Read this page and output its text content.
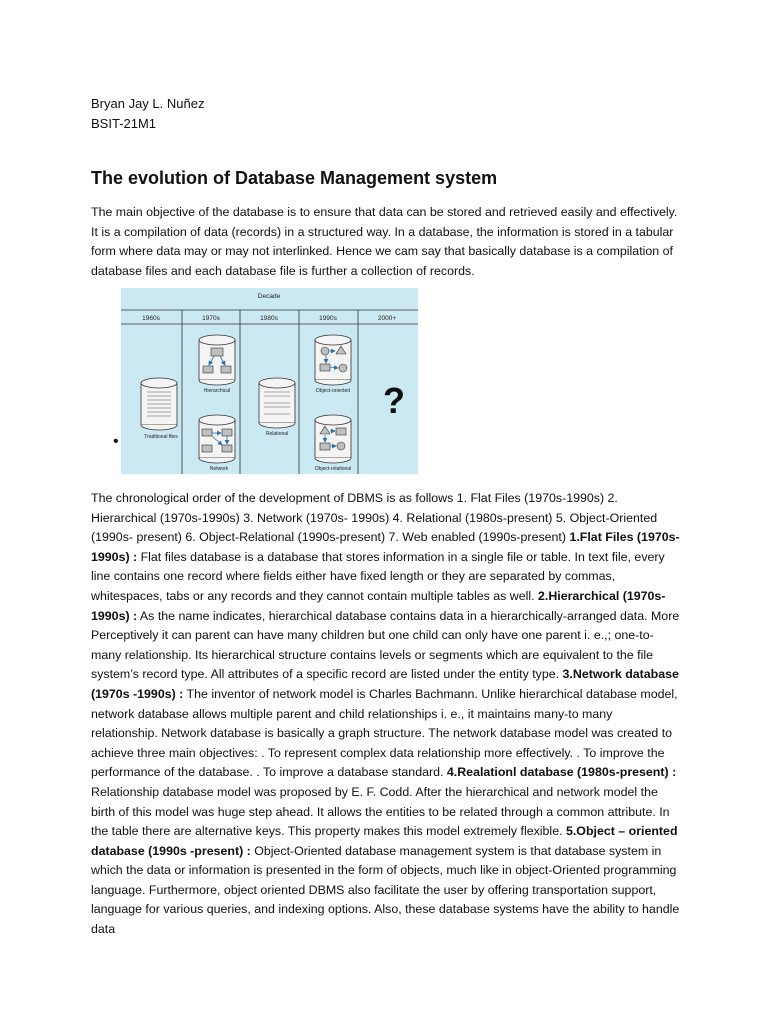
Bryan Jay L. Nuñez
BSIT-21M1
The evolution of Database Management system

The main objective of the database is to ensure that data can be stored and retrieved easily and effectively. It is a compilation of data (records) in a structured way. In a database, the information is stored in a tabular form where data may or may not interlinked. Hence we cam say that basically database is a compilation of database files and each database file is further a collection of records.

Decade
1960s	1970s	1980s	1990s	2000+
Traditional files
Hierarchical
Network
Relational
Object-oriented
Object-relational
?
•

The chronological order of the development of DBMS is as follows 1. Flat Files (1970s-1990s) 2. Hierarchical (1970s-1990s) 3. Network (1970s- 1990s) 4. Relational (1980s-present) 5. Object-Oriented (1990s- present) 6. Object-Relational (1990s-present) 7. Web enabled (1990s-present) 1.Flat Files (1970s-1990s) : Flat files database is a database that stores information in a single file or table. In text file, every line contains one record where fields either have fixed length or they are separated by commas, whitespaces, tabs or any records and they cannot contain multiple tables as well. 2.Hierarchical (1970s-1990s) : As the name indicates, hierarchical database contains data in a hierarchically-arranged data. More Perceptively it can parent can have many children but one child can only have one parent i. e.,; one-to-many relationship. Its hierarchical structure contains levels or segments which are equivalent to the file system’s record type. All attributes of a specific record are listed under the entity type. 3.Network database (1970s -1990s) : The inventor of network model is Charles Bachmann. Unlike hierarchical database model, network database allows multiple parent and child relationships i. e., it maintains many-to many relationship. Network database is basically a graph structure. The network database model was created to achieve three main objectives: . To represent complex data relationship more effectively. . To improve the performance of the database. . To improve a database standard. 4.Realationl database (1980s-present) : Relationship database model was proposed by E. F. Codd. After the hierarchical and network model the birth of this model was huge step ahead. It allows the entities to be related through a common attribute. In the table there are alternative keys. This property makes this model extremely flexible. 5.Object – oriented database (1990s -present) : Object-Oriented database management system is that database system in which the data or information is presented in the form of objects, much like in object-Oriented programming language. Furthermore, object oriented DBMS also facilitate the user by offering transportation support, language for various queries, and indexing options. Also, these database systems have the ability to handle data
